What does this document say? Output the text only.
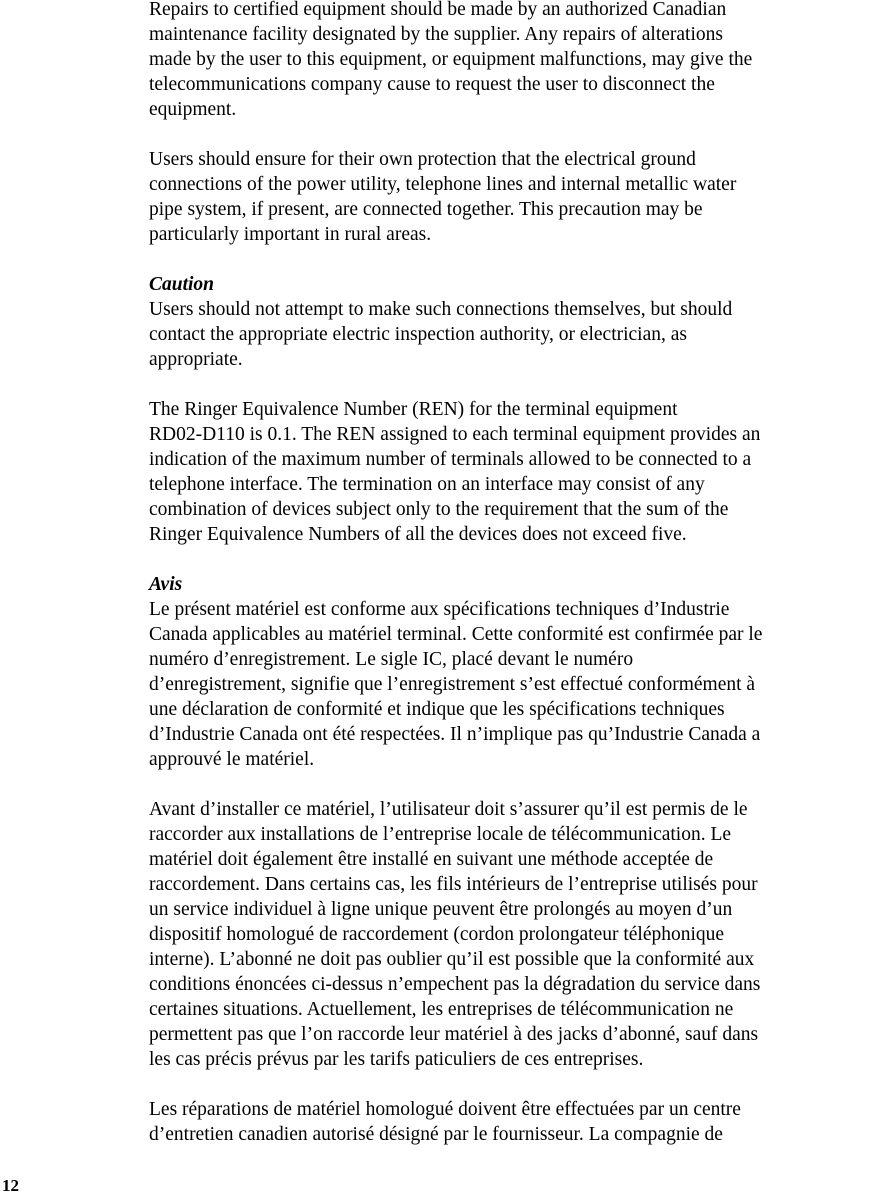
Repairs to certified equipment should be made by an authorized Canadian
maintenance facility designated by the supplier. Any repairs of alterations
made by the user to this equipment, or equipment malfunctions, may give the
telecommunications company cause to request the user to disconnect the
equipment.
Users should ensure for their own protection that the electrical ground
connections of the power utility, telephone lines and internal metallic water
pipe system, if present, are connected together. This precaution may be
particularly important in rural areas.
Caution
Users should not attempt to make such connections themselves, but should
contact the appropriate electric inspection authority, or electrician, as
appropriate.
The Ringer Equivalence Number (REN) for the terminal equipment
RD02-D110 is 0.1. The REN assigned to each terminal equipment provides an
indication of the maximum number of terminals allowed to be connected to a
telephone interface. The termination on an interface may consist of any
combination of devices subject only to the requirement that the sum of the
Ringer Equivalence Numbers of all the devices does not exceed five.
Avis
Le présent matériel est conforme aux spécifications techniques d’Industrie
Canada applicables au matériel terminal. Cette conformité est confirmée par le
numéro d’enregistrement. Le sigle IC, placé devant le numéro
d’enregistrement, signifie que l’enregistrement s’est effectué conformément à
une déclaration de conformité et indique que les spécifications techniques
d’Industrie Canada ont été respectées. Il n’implique pas qu’Industrie Canada a
approuvé le matériel.
Avant d’installer ce matériel, l’utilisateur doit s’assurer qu’il est permis de le
raccorder aux installations de l’entreprise locale de télécommunication. Le
matériel doit également être installé en suivant une méthode acceptée de
raccordement. Dans certains cas, les fils intérieurs de l’entreprise utilisés pour
un service individuel à ligne unique peuvent être prolongés au moyen d’un
dispositif homologué de raccordement (cordon prolongateur téléphonique
interne). L’abonné ne doit pas oublier qu’il est possible que la conformité aux
conditions énoncées ci-dessus n’empechent pas la dégradation du service dans
certaines situations. Actuellement, les entreprises de télécommunication ne
permettent pas que l’on raccorde leur matériel à des jacks d’abonné, sauf dans
les cas précis prévus par les tarifs paticuliers de ces entreprises.
Les réparations de matériel homologué doivent être effectuées par un centre
d’entretien canadien autorisé désigné par le fournisseur. La compagnie de
12
